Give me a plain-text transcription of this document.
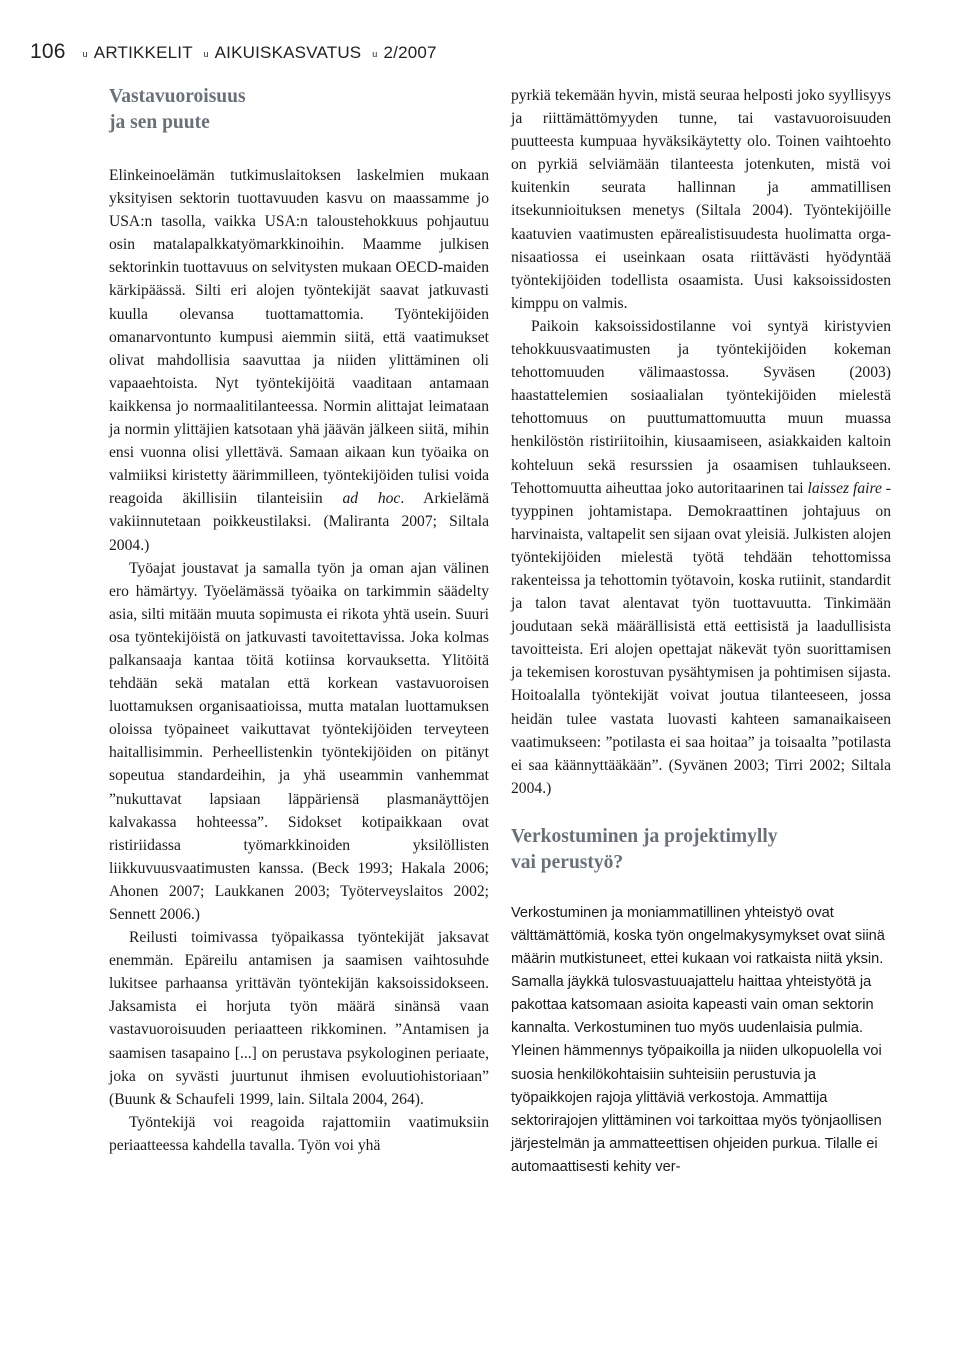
106 u ARTIKKELIT u AIKUISKASVATUS u 2/2007
Vastavuoroisuus
ja sen puute

Elinkeinoelämän tutkimuslaitoksen laskelmien mukaan yksityisen sektorin tuottavuuden kasvu on maassamme jo USA:n tasolla, vaikka USA:n taloustehokkuus pohjautuu osin matalapalkkatyömarkkinoihin. Maamme julkisen sektorinkin tuottavuus on selvitysten mukaan OECD-maiden kärkipäässä. Silti eri alojen työntekijät saavat jatkuvasti kuulla olevansa tuottamattomia. Työntekijöiden omanarvontunto kumpusi aiemmin siitä, että vaatimukset olivat mahdollisia saavuttaa ja niiden ylittäminen oli vapaaehtoista. Nyt työntekijöitä vaaditaan antamaan kaikkensa jo normaalitilanteessa. Normin alittajat leimataan ja normin ylittäjien katsotaan yhä jäävän jälkeen siitä, mihin ensi vuonna olisi yllettävä. Samaan aikaan kun työaika on valmiiksi kiristetty äärimmilleen, työntekijöiden tulisi voida reagoida äkillisiin tilanteisiin ad hoc. Arkielämä vakiinnutetaan poikkeustilaksi. (Maliranta 2007; Siltala 2004.)

Työajat joustavat ja samalla työn ja oman ajan välinen ero hämärtyy. Työelämässä työaika on tarkimmin säädelty asia, silti mitään muuta sopimusta ei rikota yhtä usein. Suuri osa työntekijöistä on jatkuvasti tavoitettavissa. Joka kolmas palkansaaja kantaa töitä kotiinsa korvauksetta. Ylitöitä tehdään sekä matalan että korkean vastavuoroisen luottamuksen organisaatioissa, mutta matalan luottamuksen oloissa työpaineet vaikuttavat työntekijöiden terveyteen haitallisimmin. Perheellistenkin työntekijöiden on pitänyt sopeutua standardeihin, ja yhä useammin vanhemmat ”nukuttavat lapsiaan läppäriensä plasmanäyttöjen kalvakassa hohteessa”. Sidokset kotipaikkaan ovat ristiriidassa työmarkkinoiden yksilöllisten liikkuvuusvaatimusten kanssa. (Beck 1993; Hakala 2006; Ahonen 2007; Laukkanen 2003; Työterveyslaitos 2002; Sennett 2006.)

Reilusti toimivassa työpaikassa työntekijät jaksavat enemmän. Epäreilu antamisen ja saamisen vaihtosuhde lukitsee parhaansa yrittävän työntekijän kaksoissidokseen. Jaksamista ei horjuta työn määrä sinänsä vaan vastavuoroisuuden periaatteen rikkominen. ”Antamisen ja saamisen tasapaino [...] on perustava psykologinen periaate, joka on syvästi juurtunut ihmisen evoluutiohistoriaan” (Buunk & Schaufeli 1999, lain. Siltala 2004, 264).

Työntekijä voi reagoida rajattomiin vaatimuksiin periaatteessa kahdella tavalla. Työn voi yhä

pyrkiä tekemään hyvin, mistä seuraa helposti joko syyllisyys ja riittämättömyyden tunne, tai vastavuoroisuuden puutteesta kumpuaa hyväksikäytetty olo. Toinen vaihtoehto on pyrkiä selviämään tilanteesta jotenkuten, mistä voi kuitenkin seurata hallinnan ja ammatillisen itsekunnioituksen menetys (Siltala 2004). Työntekijöille kaatuvien vaatimusten epärealistisuudesta huolimatta organisaatiossa ei useinkaan osata riittävästi hyödyntää työntekijöiden todellista osaamista. Uusi kaksoissidosten kimppu on valmis.

Paikoin kaksoissidostilanne voi syntyä kiristyvien tehokkuusvaatimusten ja työntekijöiden kokeman tehottomuuden välimaastossa. Syväsen (2003) haastattelemien sosiaalialan työntekijöiden mielestä tehottomuus on puuttumattomuutta muun muassa henkilöstön ristiriitoihin, kiusaamiseen, asiakkaiden kaltoin kohteluun sekä resurssien ja osaamisen tuhlaukseen. Tehottomuutta aiheuttaa joko autoritaarinen tai laissez faire -tyyppinen johtamistapa. Demokraattinen johtajuus on harvinaista, valtapelit sen sijaan ovat yleisiä. Julkisten alojen työntekijöiden mielestä työtä tehdään tehottomissa rakenteissa ja tehottomin työtavoin, koska rutiinit, standardit ja talon tavat alentavat työn tuottavuutta. Tinkimään joudutaan sekä määrällisistä että eettisistä ja laadullisista tavoitteista. Eri alojen opettajat näkevät työn suorittamisen ja tekemisen korostuvan pysähtymisen ja pohtimisen sijasta. Hoitoalalla työntekijät voivat joutua tilanteeseen, jossa heidän tulee vastata luovasti kahteen samanaikaiseen vaatimukseen: ”potilasta ei saa hoitaa” ja toisaalta ”potilasta ei saa käännyttääkään”. (Syvänen 2003; Tirri 2002; Siltala 2004.)

Verkostuminen ja projektimylly
vai perustyö?

Verkostuminen ja moniammatillinen yhteistyö ovat välttämättömiä, koska työn ongelmakysymykset ovat siinä määrin mutkistuneet, ettei kukaan voi ratkaista niitä yksin. Samalla jäykkä tulosvastuuajattelu haittaa yhteistyötä ja pakottaa katsomaan asioita kapeasti vain oman sektorin kannalta. Verkostuminen tuo myös uudenlaisia pulmia. Yleinen hämmennys työpaikoilla ja niiden ulkopuolella voi suosia henkilökohtaisiin suhteisiin perustuvia ja työpaikkojen rajoja ylittäviä verkostoja. Ammattija sektorirajojen ylittäminen voi tarkoittaa myös työnjaollisen järjestelmän ja ammatteettisen ohjeiden purkua. Tilalle ei automaattisesti kehity ver-
